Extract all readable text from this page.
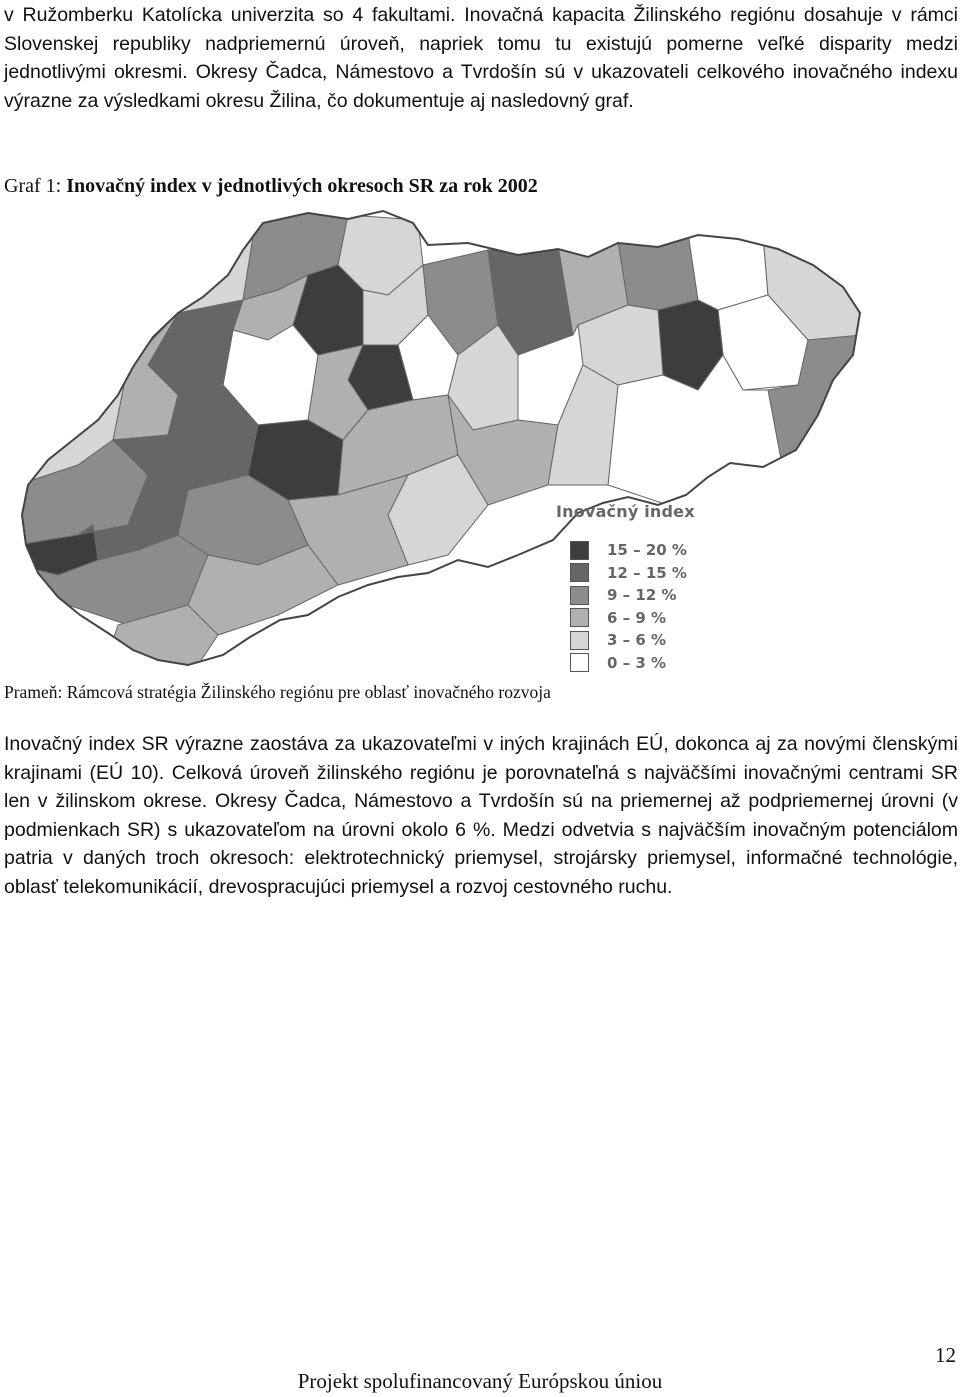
v Ružomberku Katolícka univerzita so 4 fakultami. Inovačná kapacita Žilinského regiónu dosahuje v rámci Slovenskej republiky nadpriemernú úroveň, napriek tomu tu existujú pomerne veľké disparity medzi jednotlivými okresmi. Okresy Čadca, Námestovo a Tvrdošín sú v ukazovateli celkového inovačného indexu výrazne za výsledkami okresu Žilina, čo dokumentuje aj nasledovný graf.

Graf 1: Inovačný index v jednotlivých okresoch SR za rok 2002
Inovačný index
15 – 20 %
12 – 15 %
9 – 12 %
6 – 9 %
3 – 6 %
0 – 3 %
Prameň: Rámcová stratégia Žilinského regiónu pre oblasť inovačného rozvoja

Inovačný index SR výrazne zaostáva za ukazovateľmi v iných krajinách EÚ, dokonca aj za novými členskými krajinami (EÚ 10). Celková úroveň žilinského regiónu je porovnateľná s najväčšími inovačnými centrami SR len v žilinskom okrese. Okresy Čadca, Námestovo a Tvrdošín sú na priemernej až podpriemernej úrovni (v podmienkach SR) s ukazovateľom na úrovni okolo 6 %. Medzi odvetvia s najväčším inovačným potenciálom patria v daných troch okresoch: elektrotechnický priemysel, strojársky priemysel, informačné technológie, oblasť telekomunikácií, drevospracujúci priemysel a rozvoj cestovného ruchu.

12
Projekt spolufinancovaný Európskou úniou
